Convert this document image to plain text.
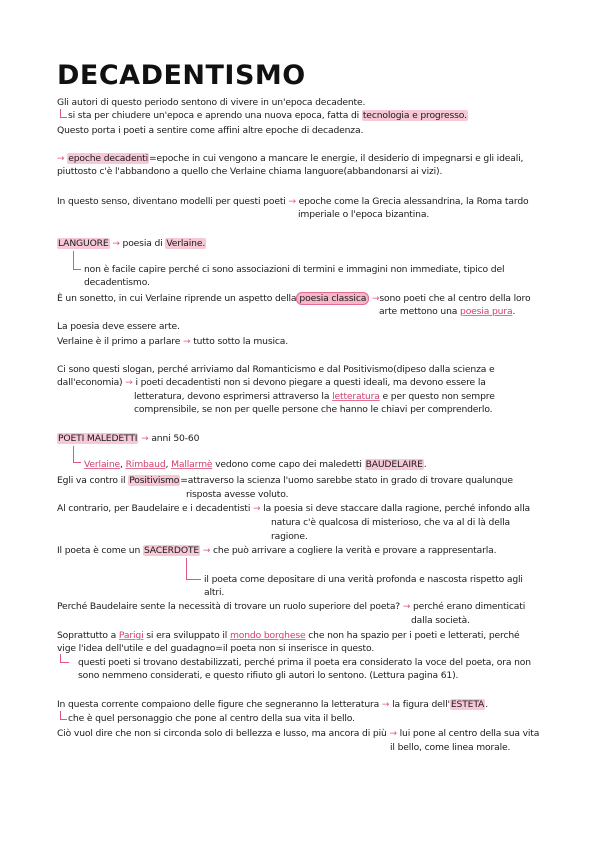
DECADENTISMO
Gli autori di questo periodo sentono di vivere in un'epoca decadente.
si sta per chiudere un'epoca e aprendo una nuova epoca, fatta di tecnologia e progresso.
Questo porta i poeti a sentire come affini altre epoche di decadenza.
→ epoche decadenti=epoche in cui vengono a mancare le energie, il desiderio di impegnarsi e gli ideali,
piuttosto c'è l'abbandono a quello che Verlaine chiama languore(abbandonarsi ai vizi).
In questo senso, diventano modelli per questi poeti → epoche come la Grecia alessandrina, la Roma tardo
imperiale o l'epoca bizantina.
LANGUORE → poesia di Verlaine.
non è facile capire perché ci sono associazioni di termini e immagini non immediate, tipico del
decadentismo.
È un sonetto, in cui Verlaine riprende un aspetto della poesia classica →sono poeti che al centro della loro
arte mettono una poesia pura.
La poesia deve essere arte.
Verlaine è il primo a parlare → tutto sotto la musica.
Ci sono questi slogan, perché arriviamo dal Romanticismo e dal Positivismo(dipeso dalla scienza e
dall'economia) → i poeti decadentisti non si devono piegare a questi ideali, ma devono essere la
letteratura, devono esprimersi attraverso la letteratura e per questo non sempre
comprensibile, se non per quelle persone che hanno le chiavi per comprenderlo.
POETI MALEDETTI → anni 50-60
Verlaine, Rimbaud, Mallarmè vedono come capo dei maledetti BAUDELAIRE.
Egli va contro il Positivismo=attraverso la scienza l'uomo sarebbe stato in grado di trovare qualunque
risposta avesse voluto.
Al contrario, per Baudelaire e i decadentisti → la poesia si deve staccare dalla ragione, perché infondo alla
natura c'è qualcosa di misterioso, che va al di là della
ragione.
Il poeta è come un SACERDOTE → che può arrivare a cogliere la verità e provare a rappresentarla.
il poeta come depositare di una verità profonda e nascosta rispetto agli
altri.
Perché Baudelaire sente la necessità di trovare un ruolo superiore del poeta? → perché erano dimenticati
dalla società.
Soprattutto a Parigi si era sviluppato il mondo borghese che non ha spazio per i poeti e letterati, perché
vige l'idea dell'utile e del guadagno=il poeta non si inserisce in questo.
questi poeti si trovano destabilizzati, perché prima il poeta era considerato la voce del poeta, ora non
sono nemmeno considerati, e questo rifiuto gli autori lo sentono. (Lettura pagina 61).
In questa corrente compaiono delle figure che segneranno la letteratura → la figura dell'ESTETA.
che è quel personaggio che pone al centro della sua vita il bello.
Ciò vuol dire che non si circonda solo di bellezza e lusso, ma ancora di più → lui pone al centro della sua vita
il bello, come linea morale.
